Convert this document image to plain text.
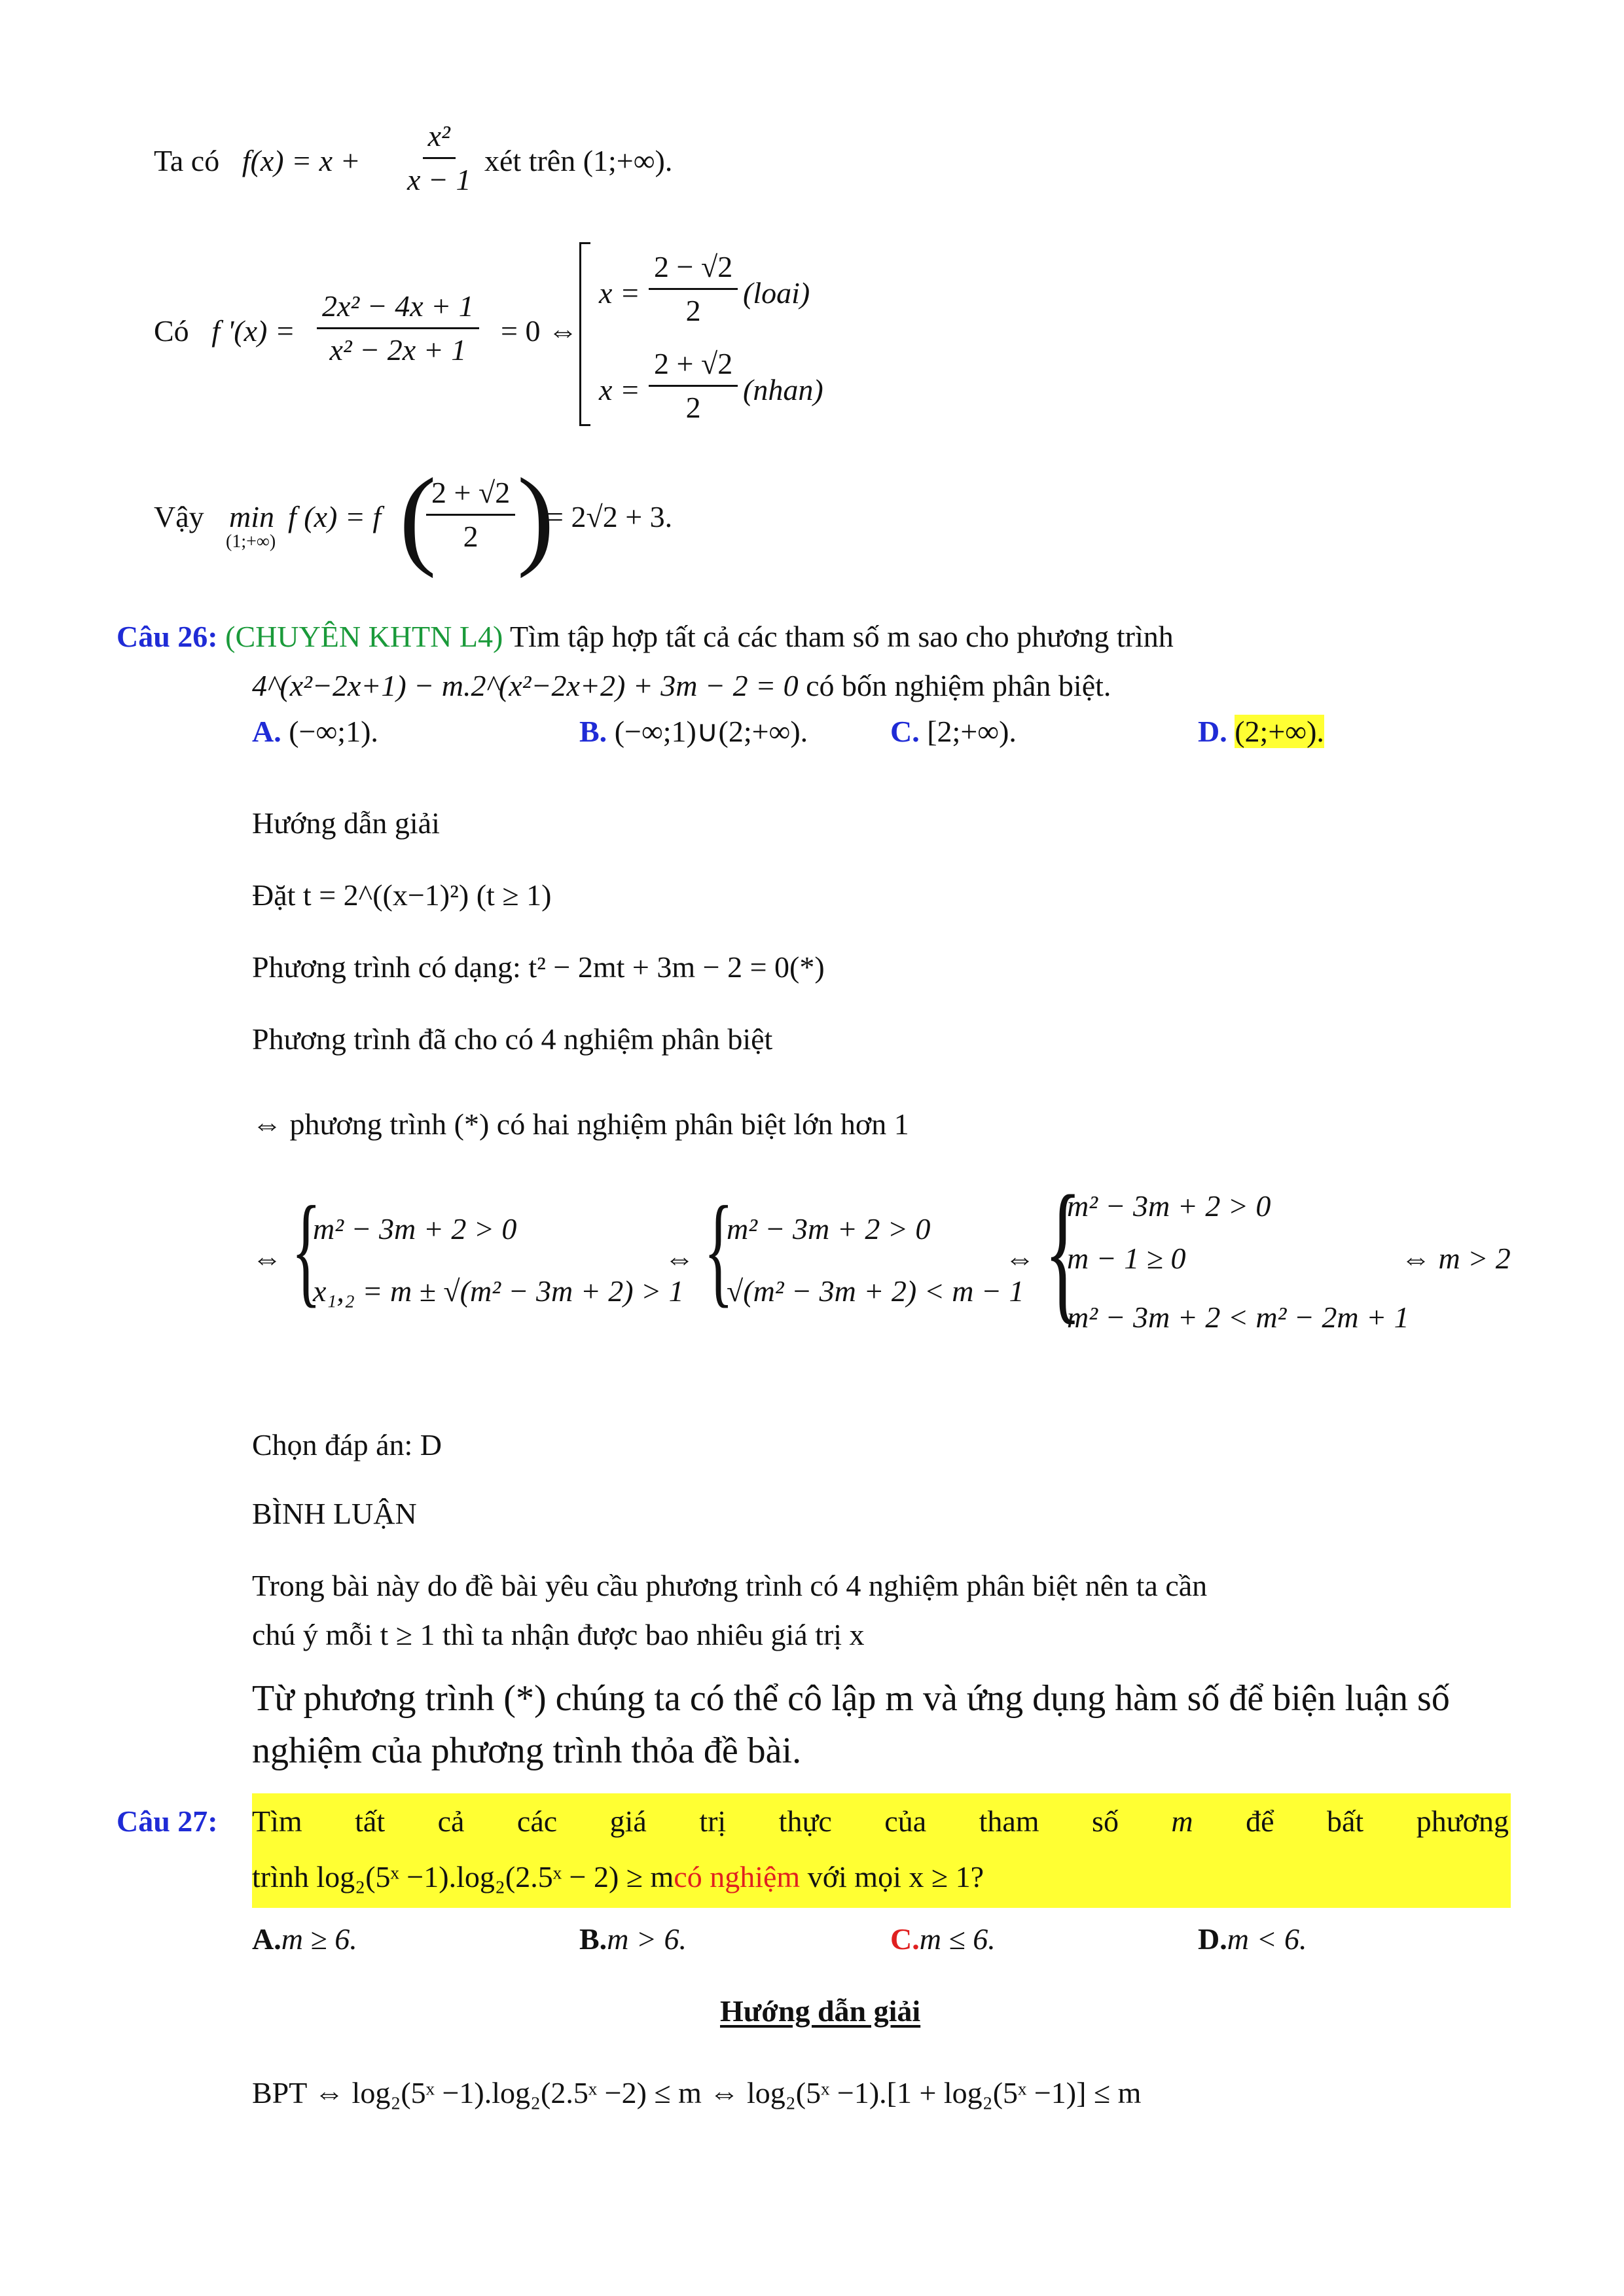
Ta có $f(x) = x + \frac{\text{x²}}{x - 1}$ xét trên (1;+∞).
Có f '$(x) = \frac{\text{2x² − 4x + 1}}{\text{x² − 2x + 1}} = 0$ ⇔
$x = \frac{2 - √2}{2}$ (loai)
$x = \frac{2 + √2}{2}$ (nhan)
Vậy min
(1;+∞)
f (x) = f (
$\frac{2 + √2}{2}$ )
= 2√2 + 3.
Câu 26: (CHUYÊN KHTN L4) Tìm tập hợp tất cả các tham số m sao cho phương trình
4^(x²−2x+1) − m.2^(x²−2x+2) + 3m − 2 = 0 có bốn nghiệm phân biệt.
A. (−∞;1).	B. (−∞;1)∪(2;+∞).	C. [2;+∞).	D. (2;+∞).
Hướng dẫn giải
Đặt t = 2^((x−1)²) (t ≥ 1)
Phương trình có dạng: t² − 2mt + 3m − 2 = 0(*)
Phương trình đã cho có 4 nghiệm phân biệt
⇔ phương trình (*) có hai nghiệm phân biệt lớn hơn 1
⇔ {
m² − 3m + 2 > 0
x₁,₂ = m ± √(m² − 3m + 2) > 1
⇔ {
m² − 3m + 2 > 0
√(m² − 3m + 2) < m − 1
⇔ {
m² − 3m + 2 > 0
m − 1 ≥ 0
m² − 3m + 2 < m² − 2m + 1
⇔ m > 2
Chọn đáp án: D
BÌNH LUẬN
Trong bài này do đề bài yêu cầu phương trình có 4 nghiệm phân biệt nên ta cần
chú ý mỗi t ≥ 1 thì ta nhận được bao nhiêu giá trị x
Từ phương trình (*) chúng ta có thể cô lập m và ứng dụng hàm số để biện luận số
nghiệm của phương trình thỏa đề bài.
Câu 27: Tìm tất cả các giá trị thực của tham số m để bất phương
trình log₂(5ˣ −1).log₂(2.5ˣ − 2) ≥ mcó nghiệm với mọi x ≥ 1?
A.m ≥ 6.	B.m > 6.	C.m ≤ 6.	D.m < 6.
Hướng dẫn giải
BPT ⇔ log₂(5ˣ −1).log₂(2.5ˣ −2) ≤ m ⇔ log₂(5ˣ −1).[1 + log₂(5ˣ −1)] ≤ m
